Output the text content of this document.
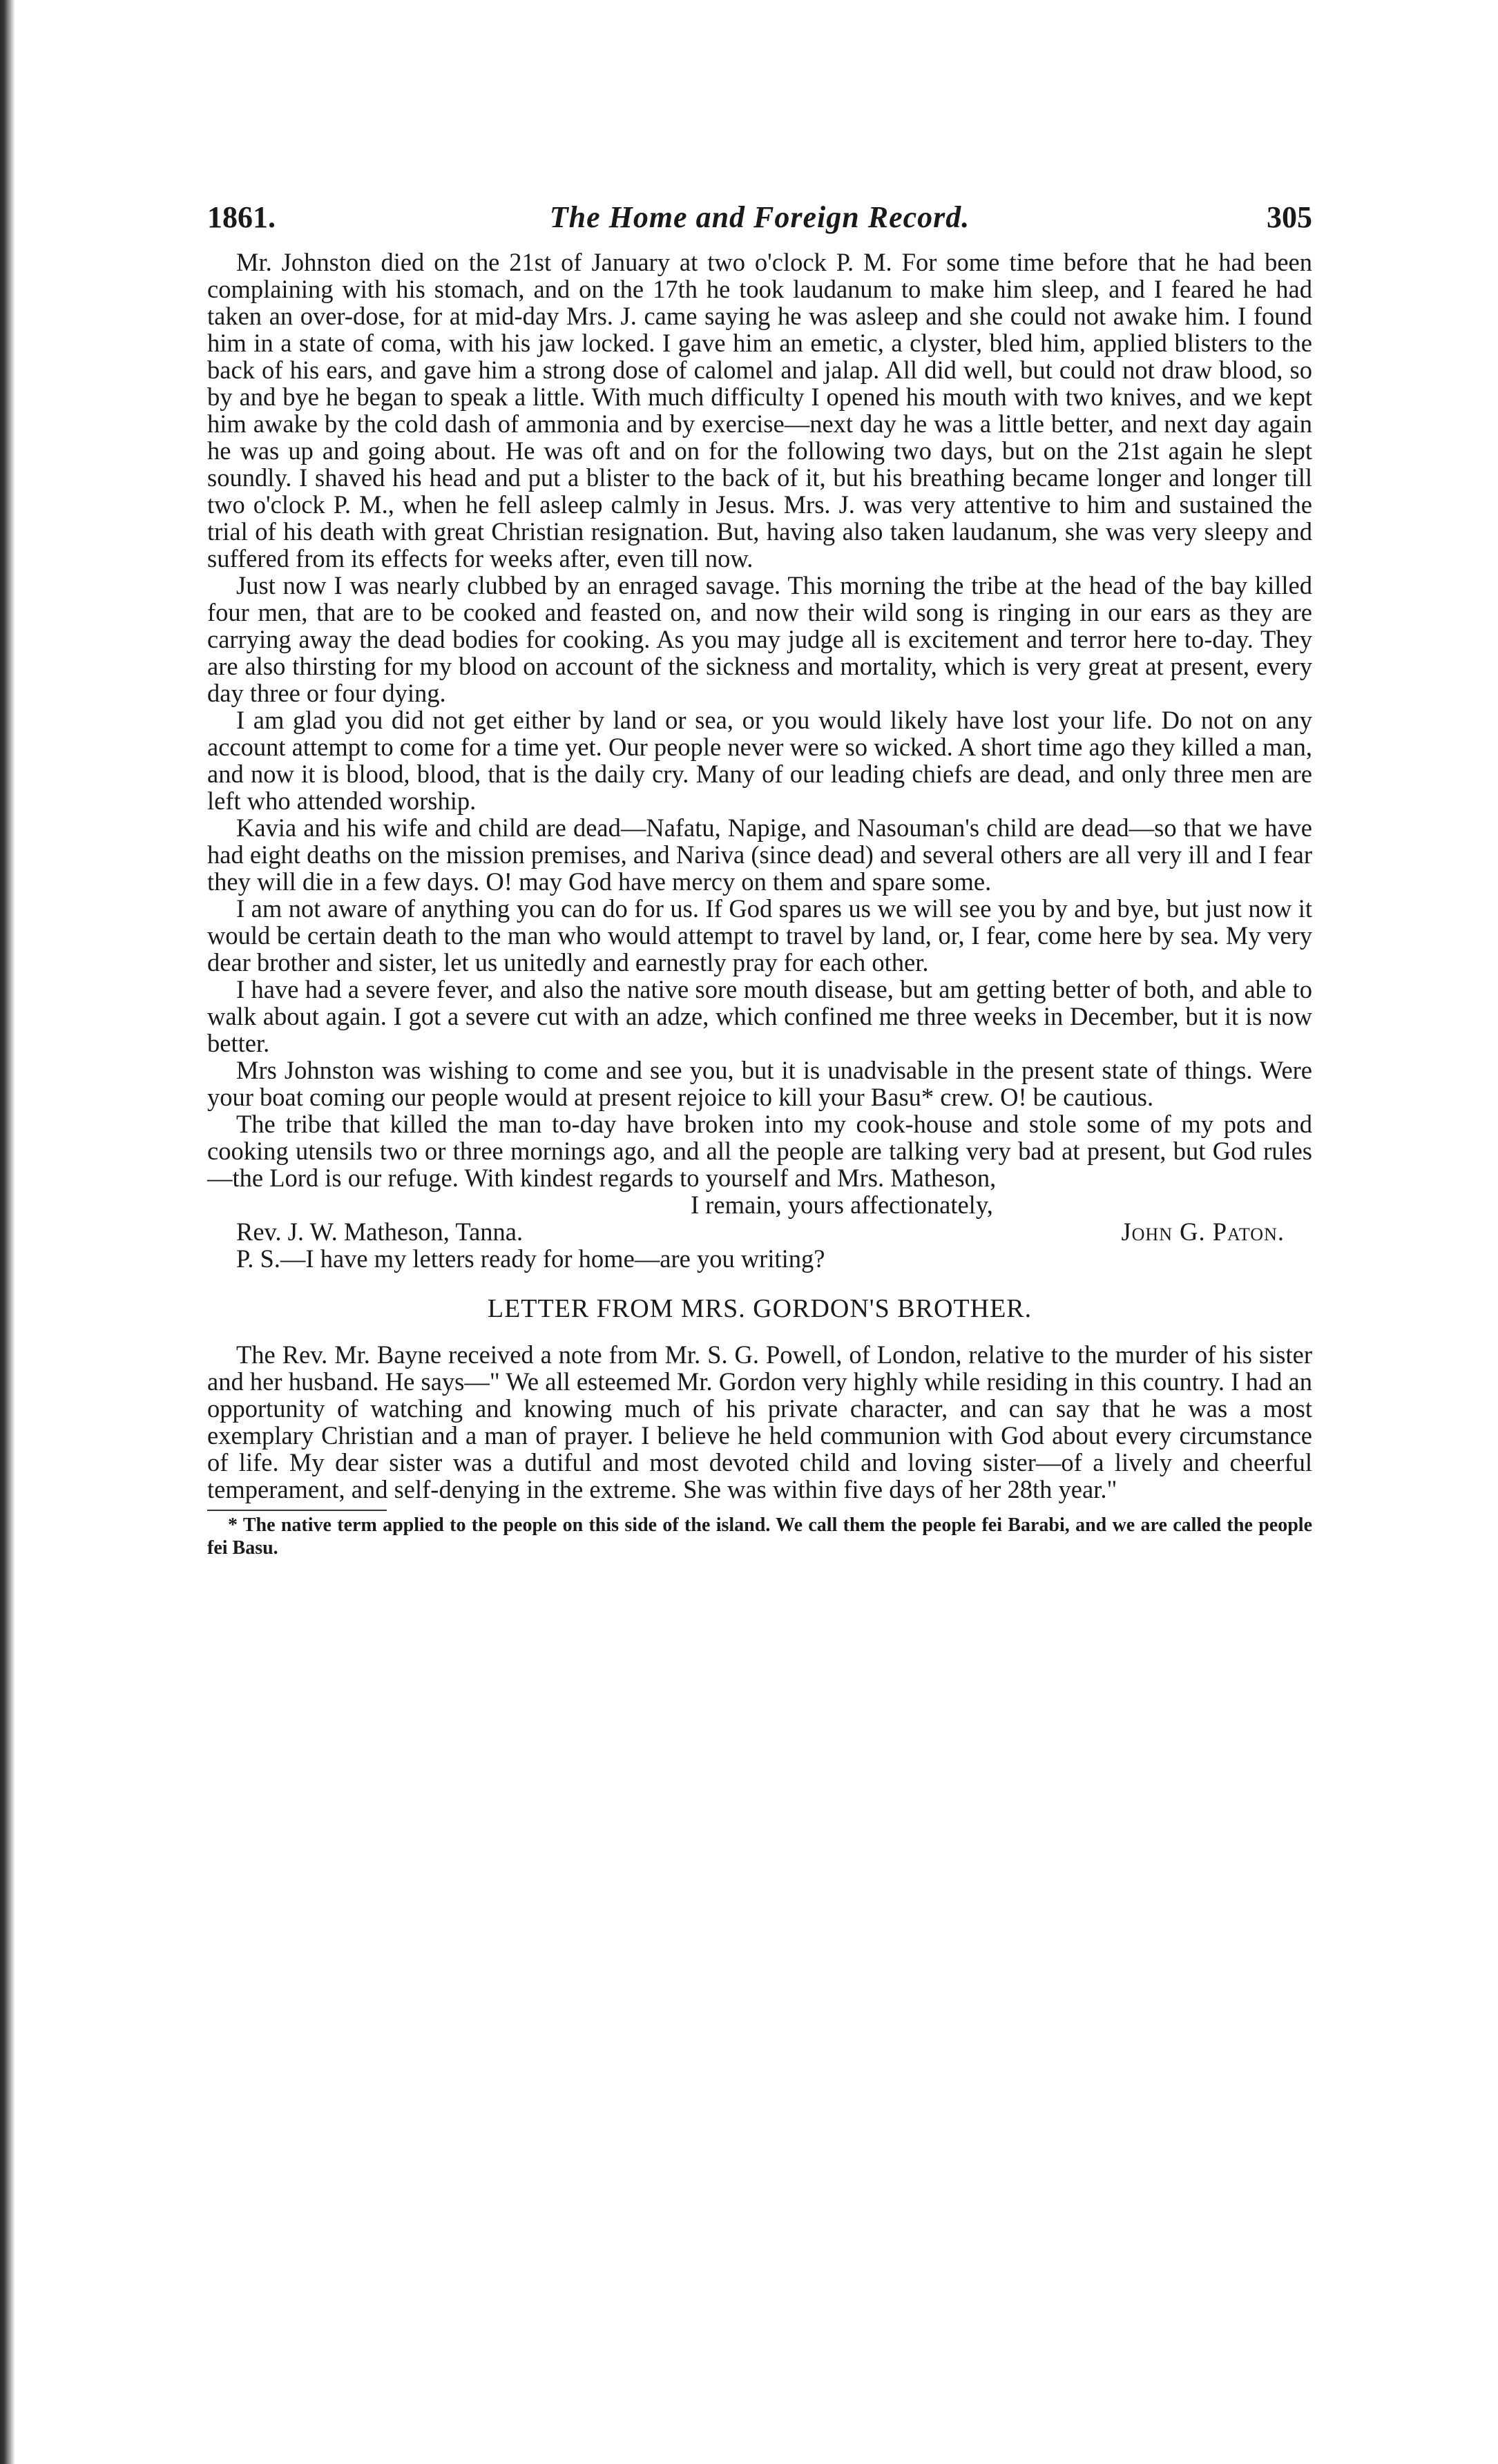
1861.	The Home and Foreign Record.	305

Mr. Johnston died on the 21st of January at two o'clock P. M. For some time before that he had been complaining with his stomach, and on the 17th he took laudanum to make him sleep, and I feared he had taken an over-dose, for at mid-day Mrs. J. came saying he was asleep and she could not awake him. I found him in a state of coma, with his jaw locked. I gave him an emetic, a clyster, bled him, applied blisters to the back of his ears, and gave him a strong dose of calomel and jalap. All did well, but could not draw blood, so by and bye he began to speak a little. With much difficulty I opened his mouth with two knives, and we kept him awake by the cold dash of ammonia and by exercise—next day he was a little better, and next day again he was up and going about. He was oft and on for the following two days, but on the 21st again he slept soundly. I shaved his head and put a blister to the back of it, but his breathing became longer and longer till two o'clock P. M., when he fell asleep calmly in Jesus. Mrs. J. was very attentive to him and sustained the trial of his death with great Christian resignation. But, having also taken laudanum, she was very sleepy and suffered from its effects for weeks after, even till now.

Just now I was nearly clubbed by an enraged savage. This morning the tribe at the head of the bay killed four men, that are to be cooked and feasted on, and now their wild song is ringing in our ears as they are carrying away the dead bodies for cooking. As you may judge all is excitement and terror here to-day. They are also thirsting for my blood on account of the sickness and mortality, which is very great at present, every day three or four dying.

I am glad you did not get either by land or sea, or you would likely have lost your life. Do not on any account attempt to come for a time yet. Our people never were so wicked. A short time ago they killed a man, and now it is blood, blood, that is the daily cry. Many of our leading chiefs are dead, and only three men are left who attended worship.

Kavia and his wife and child are dead—Nafatu, Napige, and Nasouman's child are dead—so that we have had eight deaths on the mission premises, and Nariva (since dead) and several others are all very ill and I fear they will die in a few days. O! may God have mercy on them and spare some.

I am not aware of anything you can do for us. If God spares us we will see you by and bye, but just now it would be certain death to the man who would attempt to travel by land, or, I fear, come here by sea. My very dear brother and sister, let us unitedly and earnestly pray for each other.

I have had a severe fever, and also the native sore mouth disease, but am getting better of both, and able to walk about again. I got a severe cut with an adze, which confined me three weeks in December, but it is now better.

Mrs Johnston was wishing to come and see you, but it is unadvisable in the present state of things. Were your boat coming our people would at present rejoice to kill your Basu* crew. O! be cautious.

The tribe that killed the man to-day have broken into my cook-house and stole some of my pots and cooking utensils two or three mornings ago, and all the people are talking very bad at present, but God rules—the Lord is our refuge. With kindest regards to yourself and Mrs. Matheson,

I remain, yours affectionately,
Rev. J. W. Matheson, Tanna.	John G. Paton.
P. S.—I have my letters ready for home—are you writing?
LETTER FROM MRS. GORDON'S BROTHER.

The Rev. Mr. Bayne received a note from Mr. S. G. Powell, of London, relative to the murder of his sister and her husband. He says—" We all esteemed Mr. Gordon very highly while residing in this country. I had an opportunity of watching and knowing much of his private character, and can say that he was a most exemplary Christian and a man of prayer. I believe he held communion with God about every circumstance of life. My dear sister was a dutiful and most devoted child and loving sister—of a lively and cheerful temperament, and self-denying in the extreme. She was within five days of her 28th year."

* The native term applied to the people on this side of the island. We call them the people fei Barabi, and we are called the people fei Basu.
